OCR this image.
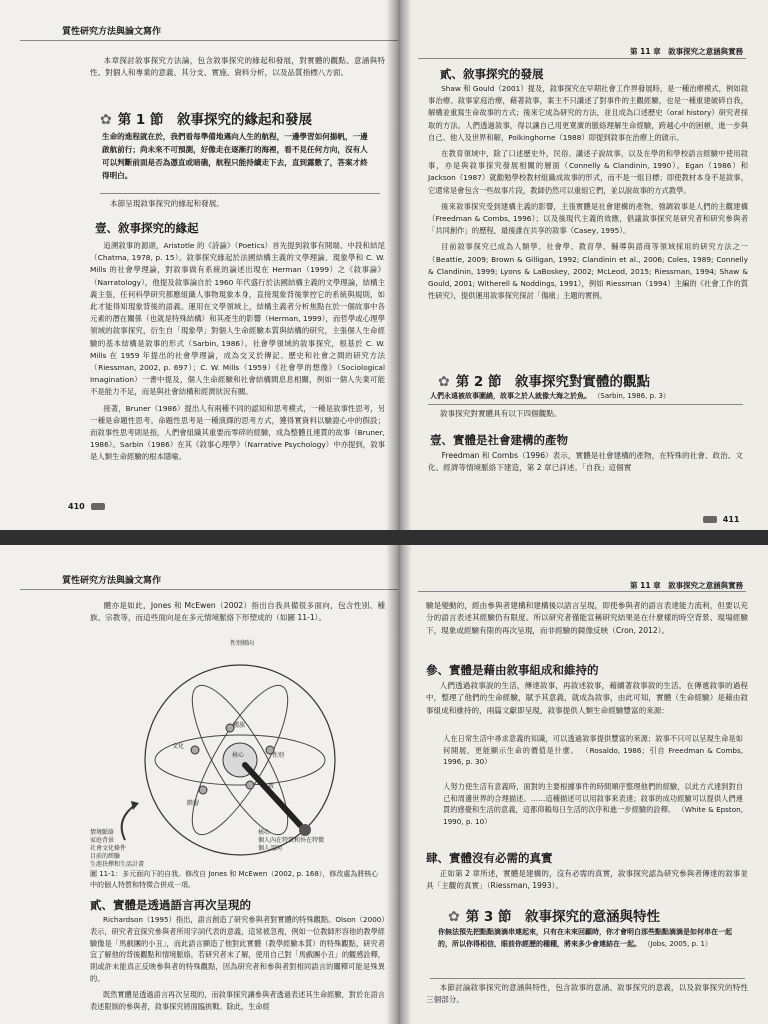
質性研究方法與論文寫作

本章探討敘事探究方法論，包含敘事探究的緣起和發展，對實體的觀點、意涵與特性、對個人和專業的意義、其分支、實施、資料分析，以及品質指標八方面。

✿ 第 1 節　敘事探究的緣起和發展
生命的進程就在於，我們看每準備地邁向人生的航程，一邊學習如何揚帆，一邊啟航前行；尚未來不可預測，好像走在逐漸打的海裡，看不見任何方向，沒有人可以判斷前面是否為憑直或暗礁，航程只能持續走下去，直到露數了，答案才終得明白。
本節呈現敘事探究的緣起和發展。
壹、敘事探究的緣起

追溯敘事的源頭，Aristotle 的《詩論》（Poetics）首先提到敘事有開端、中段和結尾（Chatma, 1978, p. 15）。敘事探究緣起於法國結構主義的文學理論、現象學和 C. W. Mills 的社會學理論，對敘事做有系統的論述出現在 Herman（1999）之《敘事論》（Narratology），他提及敘事論自於 1960 年代盛行於法國結構主義的文學理論，結構主義主張，任何科學研究都應組織人事物現象本身，直接現象背後掌控它的系統與規則，如此才能得知現象背後的語義。運用在文學領域上，結構主義者分析焦點在於一個故事中各元素的潛在關係（也就是特殊結構）和其產生的影響（Herman, 1999），而哲學或心理學領域的敘事探究，衍生自「現象學」對個人生命經驗本質與結構的研究，主張個人生命經驗的基本結構是敘事的形式（Sarbin, 1986）。社會學領域的敘事探究，根基於 C. W. Mills 在 1959 年提出的社會學理論，成為交叉於傳記、歷史和社會之間的研究方法（Riessman, 2002, p. 697）；C. W. Mills（1959）《社會學的想像》（Sociological Imagination）一書中提及，個人生命經驗和社會結構間息息相關，例如一個人失業可能不是能力不足，而是與社會結構和經濟狀況有關。

接著，Bruner（1986）提出人有兩種不同的認知和思考模式，一種是敘事性思考，另一種是命題性思考。命題性思考是一種演繹的思考方式，獲得實資料以驗證心中的假設；而敘事性思考則是指，人們會組織其重要而零碎的經驗，成為整體且連貫的故事（Bruner, 1986）。Sarbin（1986）在其《敘事心理學》（Narrative Psychology）中亦提到，敘事是人類生命經驗的根本隱喻。

410
第 11 章　敘事探究之意涵與實務
貳、敘事探究的發展

Shaw 和 Gould（2001）提及，敘事探究在早期社會工作界發展時，是一種治療模式，例如敘事治療、敘事家庭治療，藉著敘事，案主不只講述了對事件的主觀經驗，也是一種重建破碎自我，解構並重寫生命故事的方式；後來它成為研究的方法，並且成為口述歷史（oral history）研究者採取的方法。人們透過敘事，得以讓自己用更寬廣的脈絡理解生命經驗，跨越心中的困頓，進一步與自己、他人及世界和解，Polkinghorne（1988）即提到敘事在治療上的啟示。

在教育領域中，除了口述歷史外，民俗、講述子說故事，以及在學的和學校語言經驗中使用敘事，亦是與敘事探究發展相關的層面（Connelly & Clandinin, 1990）。Egan（1986）和 Jackson（1987）就勸勉學校教材組織成故事的形式，而不是一組目標；即使教材本身不是敘事，它還常是會包含一些故事片段，教師仍然可以重組它們，並以說故事的方式教學。

後來敘事探究受到建構主義的影響，主張實體是社會建構的產物，強調敘事是人們的主觀建構（Freedman & Combs, 1996）；以及後現代主義的效應，倡議敘事探究是研究者和研究參與者「共同創作」的歷程，最後誰在共享的敘事（Casey, 1995）。

目前敘事探究已成為人類學、社會學、教育學、輔導與諮商等領域採用的研究方法之一（Beattie, 2009; Brown & Gilligan, 1992; Clandinin et al., 2006; Coles, 1989; Connelly & Clandinin, 1999; Lyons & LaBoskey, 2002; McLeod, 2015; Riessman, 1994; Shaw & Gould, 2001; Witherell & Noddings, 1991），例如 Riessman（1994）主編的《社會工作的質性研究》，提供運用敘事探究探討「傷痛」主題的實例。

✿ 第 2 節　敘事探究對實體的觀點
人們永遠被故事圍繞，故事之於人就像大海之於魚。 （Sarbin, 1986, p. 3）
敘事探究對實體具有以下四個觀點。
壹、實體是社會建構的產物

Freedman 和 Combs（1996）表示，實體是社會建構的產物，在特殊的社會、政治、文化、經濟等情境脈絡下建造，第 2 章已詳述。「自我」這個實

411
質性研究方法與論文寫作

體亦是如此，Jones 和 McEwen（2002）指出自我具備很多面向，包含性別、種族、宗教等，而這些面向是在多元情境脈絡下形塑成的（如圖 11-1）。

性別傾向
種族
文化
核心	性別
宗教
階層
情境脈絡
家庭背景
社會文化條件
目前的經驗
生涯抉擇和生活計畫
核心
個人內在特質和外在特徵
個人認同
圖 11-1：多元面向下的自我。修改自 Jones 和 McEwen（2002, p. 168），修改處為將核心中的個人特質和特徵合併成一項。
貳、實體是透過語言再次呈現的

Richardson（1995）指出，語言創造了研究參與者對實體的特殊觀點。Olson（2000）表示，研究者宜探究參與者所用字詞代表的意義，這常被忽視，例如一位教師形容他的教學經驗像是「馬戲團的小丑」，而此語言顯造了他對此實體（教學經驗本質）的特殊觀點，研究者宜了解他的背後觀點和情境脈絡，若研究者未了解，使用自己對「馬戲團小丑」的觀感詮釋，則或許未能真正反映參與者的特殊觀點，因為研究者和參與者對相同語言的闡釋可能是殊異的。

既然實體是透過語言再次呈現的，而敘事探究讓參與者透過表述其生命經驗，對於在語言表述限制的參與者，敘事探究將面臨挑戰。除此，生命經

第 11 章　敘事探究之意涵與實務

驗是變動的，經由參與者建構和建構後以語言呈現，即使參與者的語言表達能力流利，但要以充分的語言表述其經驗仍有限度。所以研究者僅能宣稱研究結果是在什麼樣的時空背景、現場經驗下，現象或經驗有限的再次呈現，而非經驗的鏡像反映（Cron, 2012）。

參、實體是藉由敘事組成和維持的

人們透過敘事說的生活，傳達敘事，再敘述敘事，藉續著敘事敘的生活，在傳遞敘事的過程中，整理了他們的生命經驗，賦予其意義，就成為敘事，由此可知，實體（生命經驗）是藉由敘事組成和維持的，兩篇文獻即呈現，敘事提供人類生命經驗豐富的來源：

人在日常生活中尋求意義的知識，可以透過敘事提供豐富的來源；敘事不只可以呈現生命是如何開展，更能顯示生命的價值是什麼。 （Rosaldo, 1986；引自 Freedman & Combs, 1996, p. 30）
人努力使生活有意義時，面對的主要根據事件的時間順序整理他們的經驗，以此方式達到對自己和周邊世界的合理描述。……這種描述可以用敘事來表達；敘事的成功經驗可以提供人們連貫的感覺和生活的意義，這都仰賴每日生活的次序和進一步經驗的詮釋。 （White & Epston, 1990, p. 10）
肆、實體沒有必需的真實

正如第 2 章所述，實體是建構的，沒有必需的真實，敘事探究認為研究參與者傳達的敘事並具「主觀的真實」（Riessman, 1993）。

✿ 第 3 節　敘事探究的意涵與特性
你無法預先把點點滴滴串連起來，只有在未來回顧時，你才會明白那些點點滴滴是如何串在一起的，所以你得相信，眼前你經歷的種種，將來多少會連結在一起。 （Jobs, 2005, p. 1）

本節討論敘事探究的意涵與特性，包含敘事的意涵、敘事探究的意義，以及敘事探究的特性三個部分。
